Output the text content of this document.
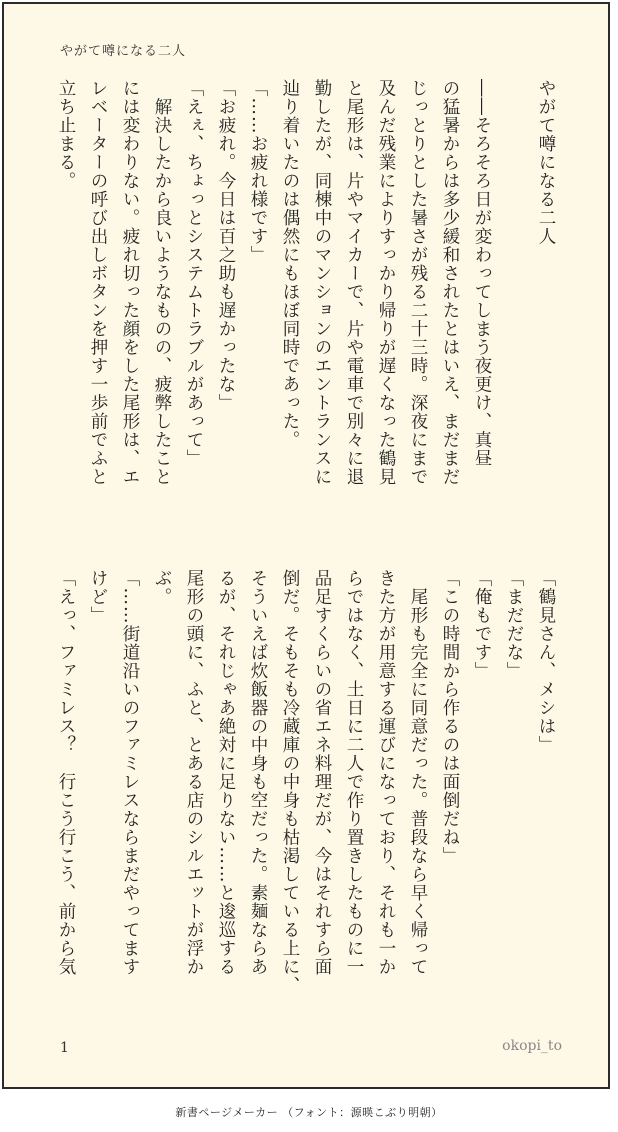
やがて噂になる二人

やがて噂になる二人

――そろそろ日が変わってしまう夜更け、真昼

の猛暑からは多少緩和されたとはいえ、まだまだ

じっとりとした暑さが残る二十三時。深夜にまで

及んだ残業によりすっかり帰りが遅くなった鶴見

と尾形は、片やマイカーで、片や電車で別々に退

勤したが、同棟中のマンションのエントランスに

辿り着いたのは偶然にもほぼ同時であった。

「……お疲れ様です」

「お疲れ。今日は百之助も遅かったな」

「えぇ、ちょっとシステムトラブルがあって」

　解決したから良いようなものの、疲弊したこと

には変わりない。疲れ切った顔をした尾形は、エ

レベーターの呼び出しボタンを押す一歩前でふと

立ち止まる。

「鶴見さん、メシは」

「まだだな」

「俺もです」

「この時間から作るのは面倒だね」

　尾形も完全に同意だった。普段なら早く帰って

きた方が用意する運びになっており、それも一か

らではなく、土日に二人で作り置きしたものに一

品足すくらいの省エネ料理だが、今はそれすら面

倒だ。そもそも冷蔵庫の中身も枯渇している上に、

そういえば炊飯器の中身も空だった。素麺ならあ

るが、それじゃあ絶対に足りない……と逡巡する

尾形の頭に、ふと、とある店のシルエットが浮か

ぶ。

「……街道沿いのファミレスならまだやってます

けど」

「えっ、ファミレス？　行こう行こう、前から気

1	okopi_to
新書ページメーカー （フォント：源暎こぶり明朝）
